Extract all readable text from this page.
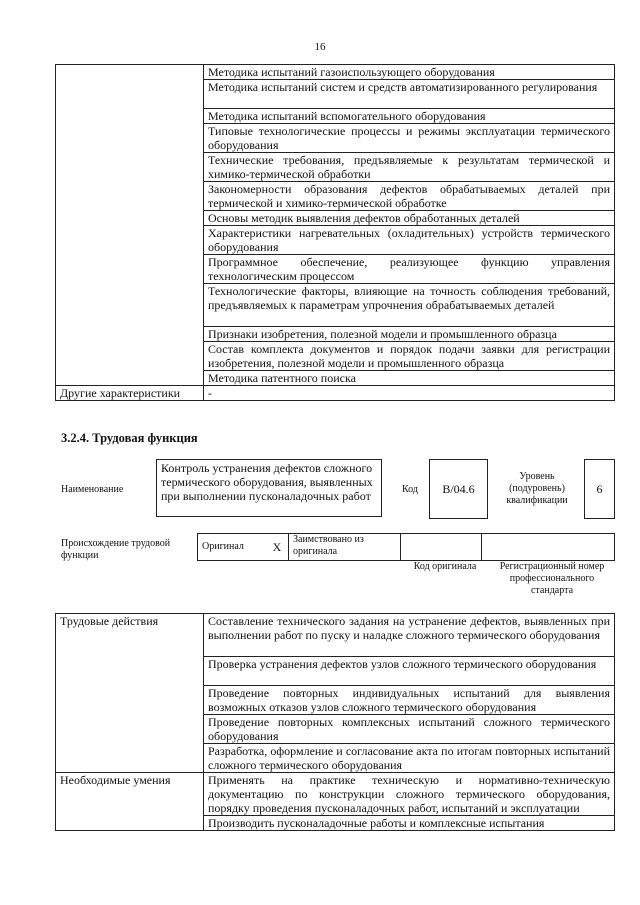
16
	Методика испытаний газоиспользующего оборудования
	Методика испытаний систем и средств автоматизированного регулирования
	Методика испытаний вспомогательного оборудования
	Типовые технологические процессы и режимы эксплуатации термического оборудования
	Технические требования, предъявляемые к результатам термической и химико-термической обработки
	Закономерности образования дефектов обрабатываемых деталей при термической и химико-термической обработке
	Основы методик выявления дефектов обработанных деталей
	Характеристики нагревательных (охладительных) устройств термического оборудования
	Программное обеспечение, реализующее функцию управления технологическим процессом
	Технологические факторы, влияющие на точность соблюдения требований, предъявляемых к параметрам упрочнения обрабатываемых деталей
	Признаки изобретения, полезной модели и промышленного образца
	Состав комплекта документов и порядок подачи заявки для регистрации изобретения, полезной модели и промышленного образца
	Методика патентного поиска
Другие характеристики	-
3.2.4. Трудовая функция
Наименование
Контроль устранения дефектов сложного термического оборудования, выявленных при выполнении пусконаладочных работ	Код	B/04.6
Уровень (подуровень) квалификации
6
Происхождение трудовой функции
Оригинал	X	Заимствовано из оригинала		
Код оригинала	Регистрационный номер профессионального стандарта
Трудовые действия	Составление технического задания на устранение дефектов, выявленных при выполнении работ по пуску и наладке сложного термического оборудования
	Проверка устранения дефектов узлов сложного термического оборудования
	Проведение повторных индивидуальных испытаний для выявления возможных отказов узлов сложного термического оборудования
	Проведение повторных комплексных испытаний сложного термического оборудования
	Разработка, оформление и согласование акта по итогам повторных испытаний сложного термического оборудования
Необходимые умения	Применять на практике техническую и нормативно-техническую документацию по конструкции сложного термического оборудования, порядку проведения пусконаладочных работ, испытаний и эксплуатации
	Производить пусконаладочные работы и комплексные испытания
